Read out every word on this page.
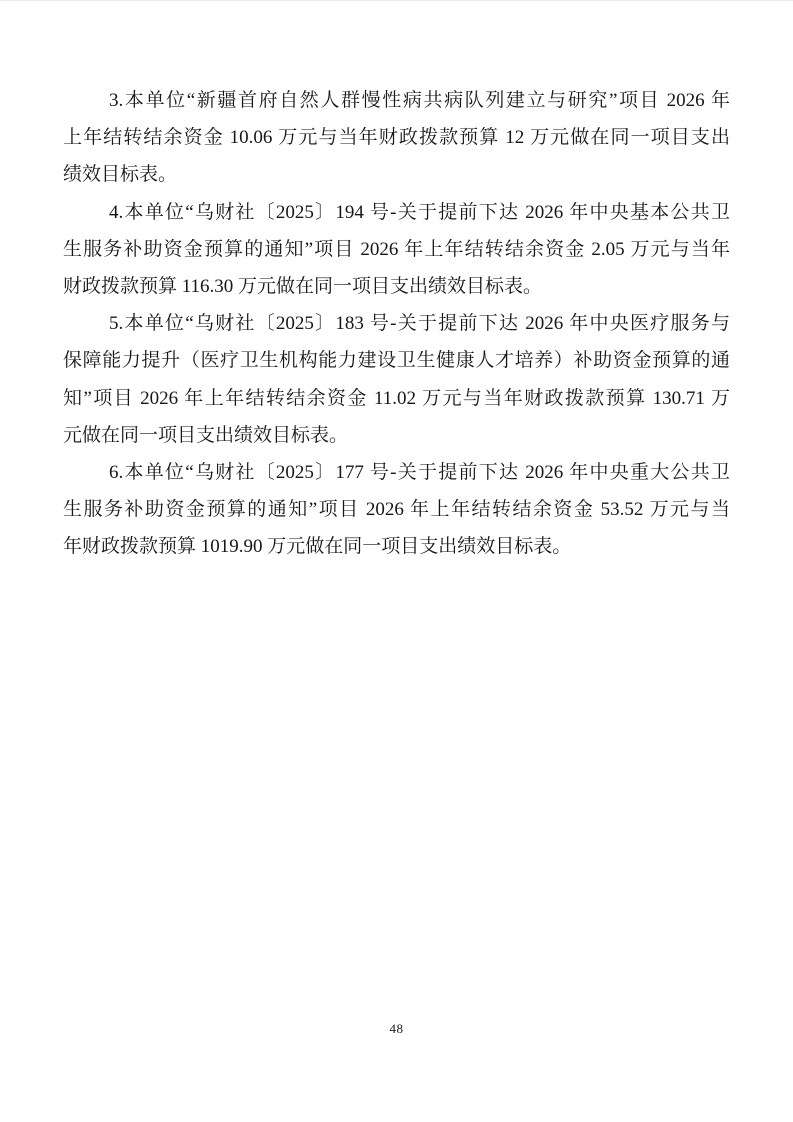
3.本单位“新疆首府自然人群慢性病共病队列建立与研究”项目 2026 年
上年结转结余资金 10.06 万元与当年财政拨款预算 12 万元做在同一项目支出
绩效目标表。
4.本单位“乌财社〔2025〕194 号-关于提前下达 2026 年中央基本公共卫
生服务补助资金预算的通知”项目 2026 年上年结转结余资金 2.05 万元与当年
财政拨款预算 116.30 万元做在同一项目支出绩效目标表。
5.本单位“乌财社〔2025〕183 号-关于提前下达 2026 年中央医疗服务与
保障能力提升（医疗卫生机构能力建设卫生健康人才培养）补助资金预算的通
知”项目 2026 年上年结转结余资金 11.02 万元与当年财政拨款预算 130.71 万
元做在同一项目支出绩效目标表。
6.本单位“乌财社〔2025〕177 号-关于提前下达 2026 年中央重大公共卫
生服务补助资金预算的通知”项目 2026 年上年结转结余资金 53.52 万元与当
年财政拨款预算 1019.90 万元做在同一项目支出绩效目标表。
48
